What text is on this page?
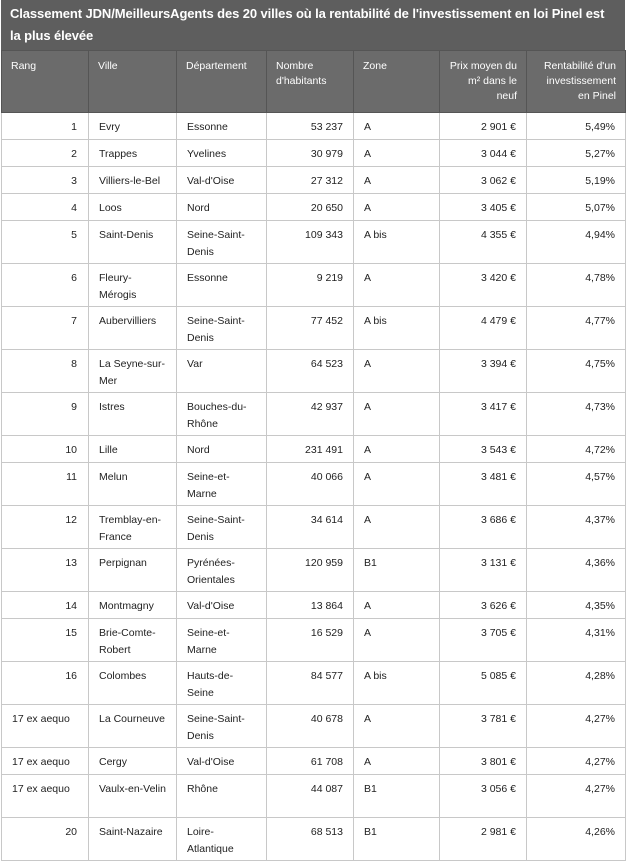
Classement JDN/MeilleursAgents des 20 villes où la rentabilité de l'investissement en loi Pinel est la plus élevée
Rang	Ville	Département	Nombre d'habitants	Zone	Prix moyen du m² dans le neuf	Rentabilité d'un investissement en Pinel
1	Evry	Essonne	53 237	A	2 901 €	5,49%
2	Trappes	Yvelines	30 979	A	3 044 €	5,27%
3	Villiers-le-Bel	Val-d'Oise	27 312	A	3 062 €	5,19%
4	Loos	Nord	20 650	A	3 405 €	5,07%
5	Saint-Denis	Seine-Saint-Denis	109 343	A bis	4 355 €	4,94%
6	Fleury-Mérogis	Essonne	9 219	A	3 420 €	4,78%
7	Aubervilliers	Seine-Saint-Denis	77 452	A bis	4 479 €	4,77%
8	La Seyne-sur-Mer	Var	64 523	A	3 394 €	4,75%
9	Istres	Bouches-du-Rhône	42 937	A	3 417 €	4,73%
10	Lille	Nord	231 491	A	3 543 €	4,72%
11	Melun	Seine-et-Marne	40 066	A	3 481 €	4,57%
12	Tremblay-en-France	Seine-Saint-Denis	34 614	A	3 686 €	4,37%
13	Perpignan	Pyrénées-Orientales	120 959	B1	3 131 €	4,36%
14	Montmagny	Val-d'Oise	13 864	A	3 626 €	4,35%
15	Brie-Comte-Robert	Seine-et-Marne	16 529	A	3 705 €	4,31%
16	Colombes	Hauts-de-Seine	84 577	A bis	5 085 €	4,28%
17 ex aequo	La Courneuve	Seine-Saint-Denis	40 678	A	3 781 €	4,27%
17 ex aequo	Cergy	Val-d'Oise	61 708	A	3 801 €	4,27%
17 ex aequo	Vaulx-en-Velin	Rhône	44 087	B1	3 056 €	4,27%
20	Saint-Nazaire	Loire-Atlantique	68 513	B1	2 981 €	4,26%
